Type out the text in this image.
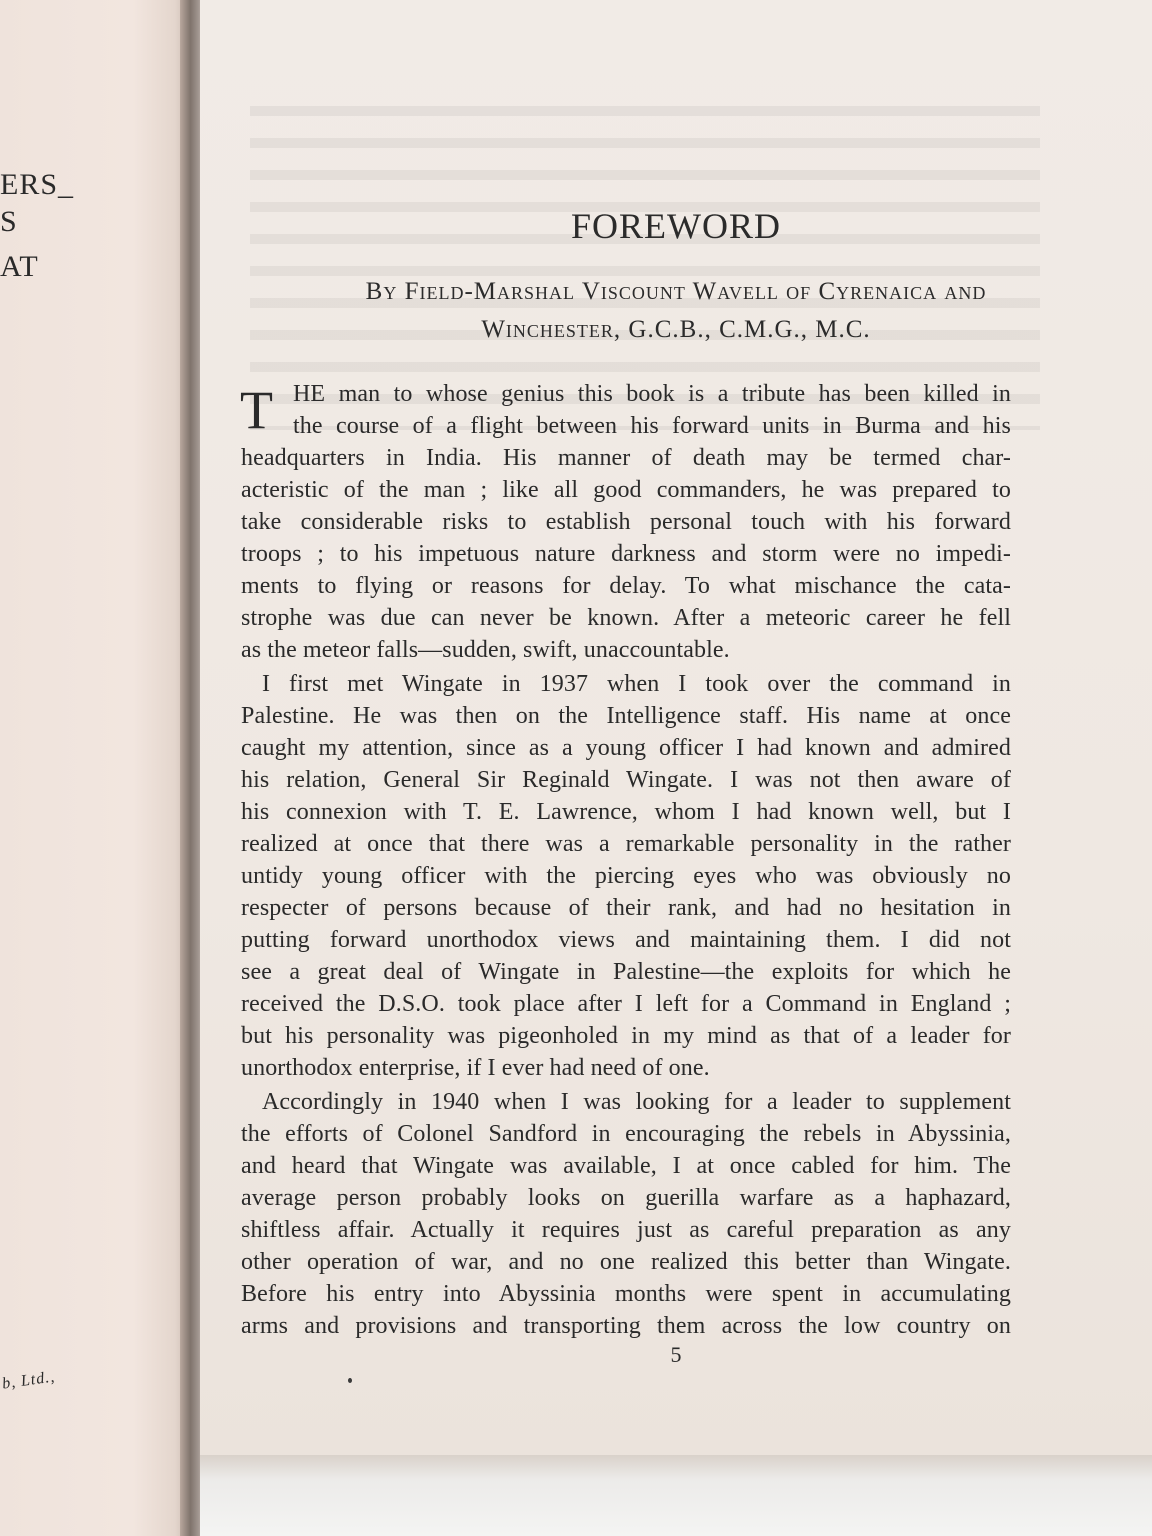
ERS_
S
AT
b, Ltd.,
FOREWORD
By Field-Marshal Viscount Wavell of Cyrenaica and
Winchester, G.C.B., C.M.G., M.C.
T HE man to whose genius this book is a tribute has been killed in
the course of a flight between his forward units in Burma and his
headquarters in India. His manner of death may be termed char-
acteristic of the man ; like all good commanders, he was prepared to
take considerable risks to establish personal touch with his forward
troops ; to his impetuous nature darkness and storm were no impedi-
ments to flying or reasons for delay. To what mischance the cata-
strophe was due can never be known. After a meteoric career he fell
as the meteor falls—sudden, swift, unaccountable.
I first met Wingate in 1937 when I took over the command in
Palestine. He was then on the Intelligence staff. His name at once
caught my attention, since as a young officer I had known and admired
his relation, General Sir Reginald Wingate. I was not then aware of
his connexion with T. E. Lawrence, whom I had known well, but I
realized at once that there was a remarkable personality in the rather
untidy young officer with the piercing eyes who was obviously no
respecter of persons because of their rank, and had no hesitation in
putting forward unorthodox views and maintaining them. I did not
see a great deal of Wingate in Palestine—the exploits for which he
received the D.S.O. took place after I left for a Command in England ;
but his personality was pigeonholed in my mind as that of a leader for
unorthodox enterprise, if I ever had need of one.
Accordingly in 1940 when I was looking for a leader to supplement
the efforts of Colonel Sandford in encouraging the rebels in Abyssinia,
and heard that Wingate was available, I at once cabled for him. The
average person probably looks on guerilla warfare as a haphazard,
shiftless affair. Actually it requires just as careful preparation as any
other operation of war, and no one realized this better than Wingate.
Before his entry into Abyssinia months were spent in accumulating
arms and provisions and transporting them across the low country on
5
